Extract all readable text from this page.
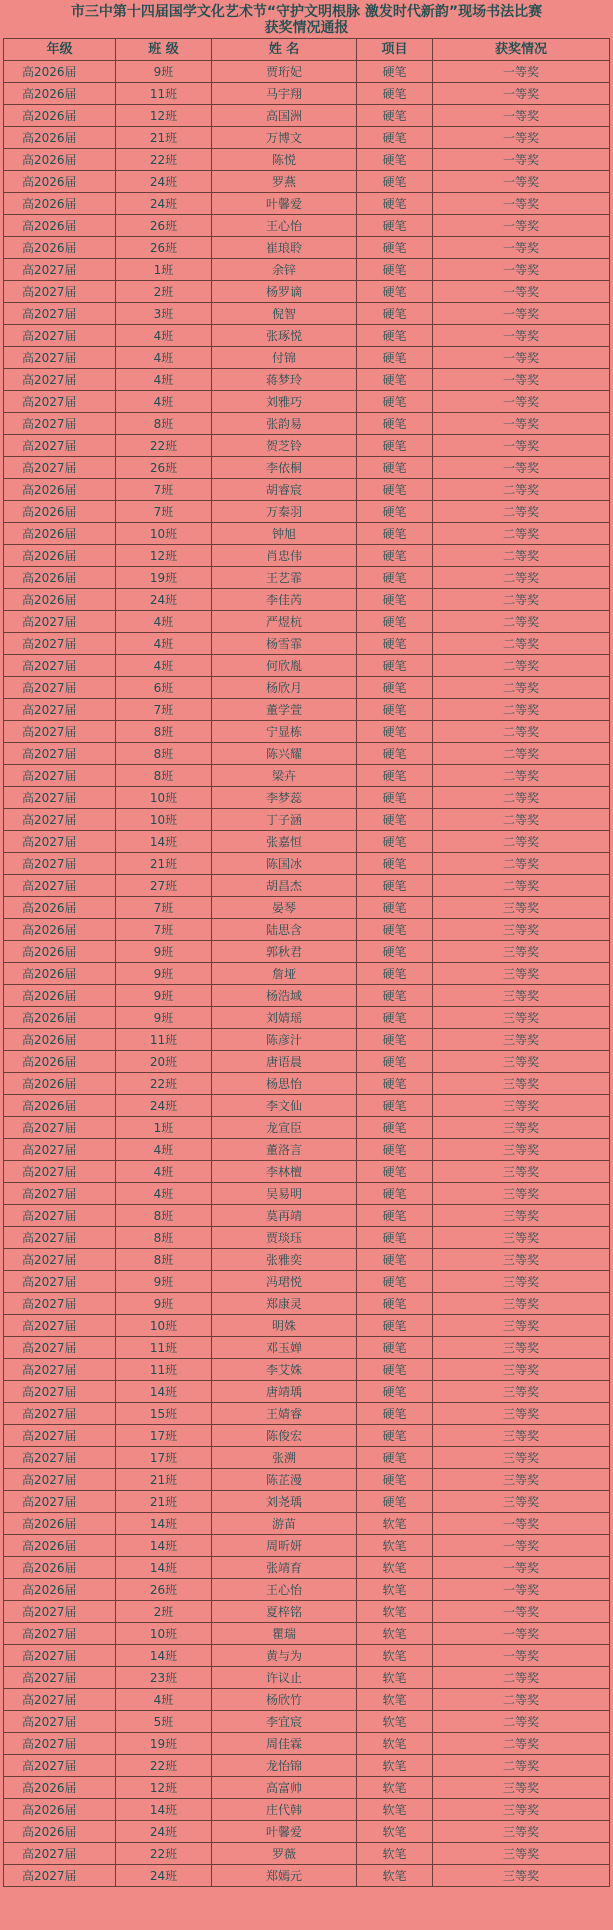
市三中第十四届国学文化艺术节“守护文明根脉 激发时代新韵”现场书法比赛
获奖情况通报
年级	班 级	姓 名	项目	获奖情况
高2026届	9班	贾珩妃	硬笔	一等奖
高2026届	11班	马宇翔	硬笔	一等奖
高2026届	12班	高国洲	硬笔	一等奖
高2026届	21班	万博文	硬笔	一等奖
高2026届	22班	陈悦	硬笔	一等奖
高2026届	24班	罗燕	硬笔	一等奖
高2026届	24班	叶馨爱	硬笔	一等奖
高2026届	26班	王心怡	硬笔	一等奖
高2026届	26班	崔琅聆	硬笔	一等奖
高2027届	1班	余锌	硬笔	一等奖
高2027届	2班	杨罗谪	硬笔	一等奖
高2027届	3班	倪智	硬笔	一等奖
高2027届	4班	张琢悦	硬笔	一等奖
高2027届	4班	付锦	硬笔	一等奖
高2027届	4班	蒋梦玲	硬笔	一等奖
高2027届	4班	刘雅巧	硬笔	一等奖
高2027届	8班	张韵易	硬笔	一等奖
高2027届	22班	贺芝铃	硬笔	一等奖
高2027届	26班	李依桐	硬笔	一等奖
高2026届	7班	胡睿宸	硬笔	二等奖
高2026届	7班	万秦羽	硬笔	二等奖
高2026届	10班	钟旭	硬笔	二等奖
高2026届	12班	肖忠伟	硬笔	二等奖
高2026届	19班	王艺霏	硬笔	二等奖
高2026届	24班	李佳芮	硬笔	二等奖
高2027届	4班	严煜杭	硬笔	二等奖
高2027届	4班	杨雪霏	硬笔	二等奖
高2027届	4班	何欣胤	硬笔	二等奖
高2027届	6班	杨欣月	硬笔	二等奖
高2027届	7班	董学萱	硬笔	二等奖
高2027届	8班	宁显栋	硬笔	二等奖
高2027届	8班	陈兴耀	硬笔	二等奖
高2027届	8班	梁卉	硬笔	二等奖
高2027届	10班	李梦蕊	硬笔	二等奖
高2027届	10班	丁子涵	硬笔	二等奖
高2027届	14班	张嘉恒	硬笔	二等奖
高2027届	21班	陈国冰	硬笔	二等奖
高2027届	27班	胡昌杰	硬笔	二等奖
高2026届	7班	晏琴	硬笔	三等奖
高2026届	7班	陆思含	硬笔	三等奖
高2026届	9班	郭秋君	硬笔	三等奖
高2026届	9班	詹垭	硬笔	三等奖
高2026届	9班	杨浩域	硬笔	三等奖
高2026届	9班	刘婧瑶	硬笔	三等奖
高2026届	11班	陈彦汁	硬笔	三等奖
高2026届	20班	唐语晨	硬笔	三等奖
高2026届	22班	杨思怡	硬笔	三等奖
高2026届	24班	李文仙	硬笔	三等奖
高2027届	1班	龙宣臣	硬笔	三等奖
高2027届	4班	董洛言	硬笔	三等奖
高2027届	4班	李林檀	硬笔	三等奖
高2027届	4班	吴易明	硬笔	三等奖
高2027届	8班	莫再靖	硬笔	三等奖
高2027届	8班	贾琰珏	硬笔	三等奖
高2027届	8班	张雅奕	硬笔	三等奖
高2027届	9班	冯珺悦	硬笔	三等奖
高2027届	9班	郑康灵	硬笔	三等奖
高2027届	10班	明姝	硬笔	三等奖
高2027届	11班	邓玉婵	硬笔	三等奖
高2027届	11班	李艾姝	硬笔	三等奖
高2027届	14班	唐靖瑀	硬笔	三等奖
高2027届	15班	王婧睿	硬笔	三等奖
高2027届	17班	陈俊宏	硬笔	三等奖
高2027届	17班	张溯	硬笔	三等奖
高2027届	21班	陈芷漫	硬笔	三等奖
高2027届	21班	刘尧瑀	硬笔	三等奖
高2026届	14班	游苗	软笔	一等奖
高2026届	14班	周昕妍	软笔	一等奖
高2026届	14班	张靖育	软笔	一等奖
高2026届	26班	王心怡	软笔	一等奖
高2027届	2班	夏梓铭	软笔	一等奖
高2027届	10班	瞿瑞	软笔	一等奖
高2027届	14班	黄与为	软笔	一等奖
高2027届	23班	许议止	软笔	二等奖
高2027届	4班	杨欣竹	软笔	二等奖
高2027届	5班	李宜宸	软笔	二等奖
高2027届	19班	周佳霖	软笔	二等奖
高2027届	22班	龙怡锦	软笔	二等奖
高2026届	12班	高富帅	软笔	三等奖
高2026届	14班	庄代韩	软笔	三等奖
高2026届	24班	叶馨爱	软笔	三等奖
高2027届	22班	罗薇	软笔	三等奖
高2027届	24班	郑嫣元	软笔	三等奖
